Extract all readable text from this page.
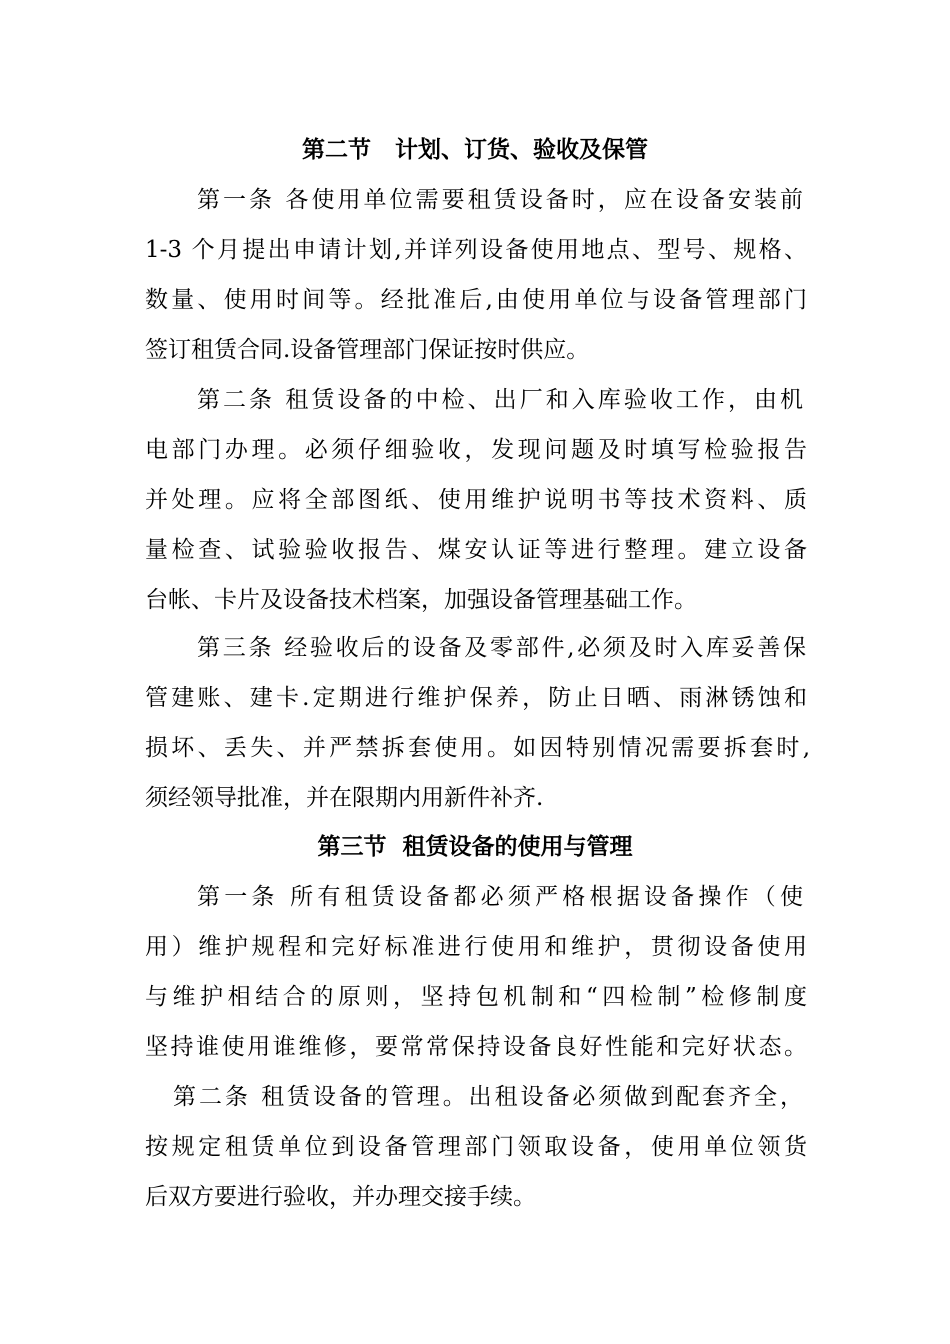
第二节   计划、订货、验收及保管
第一条 各使用单位需要租赁设备时，应在设备安装前
1-3 个月提出申请计划,并详列设备使用地点、型号、规格、
数量、使用时间等。经批准后,由使用单位与设备管理部门
签订租赁合同.设备管理部门保证按时供应。
第二条 租赁设备的中检、出厂和入库验收工作，由机
电部门办理。必须仔细验收，发现问题及时填写检验报告
并处理。应将全部图纸、使用维护说明书等技术资料、质
量检查、试验验收报告、煤安认证等进行整理。建立设备
台帐、卡片及设备技术档案，加强设备管理基础工作。
第三条 经验收后的设备及零部件,必须及时入库妥善保
管建账、建卡.定期进行维护保养，防止日晒、雨淋锈蚀和
损坏、丢失、并严禁拆套使用。如因特别情况需要拆套时,
须经领导批准，并在限期内用新件补齐.
第三节  租赁设备的使用与管理
第一条 所有租赁设备都必须严格根据设备操作（使
用）维护规程和完好标准进行使用和维护，贯彻设备使用
与维护相结合的原则，坚持包机制和“四检制”检修制度
坚持谁使用谁维修，要常常保持设备良好性能和完好状态。
第二条 租赁设备的管理。出租设备必须做到配套齐全，
按规定租赁单位到设备管理部门领取设备，使用单位领货
后双方要进行验收，并办理交接手续。
